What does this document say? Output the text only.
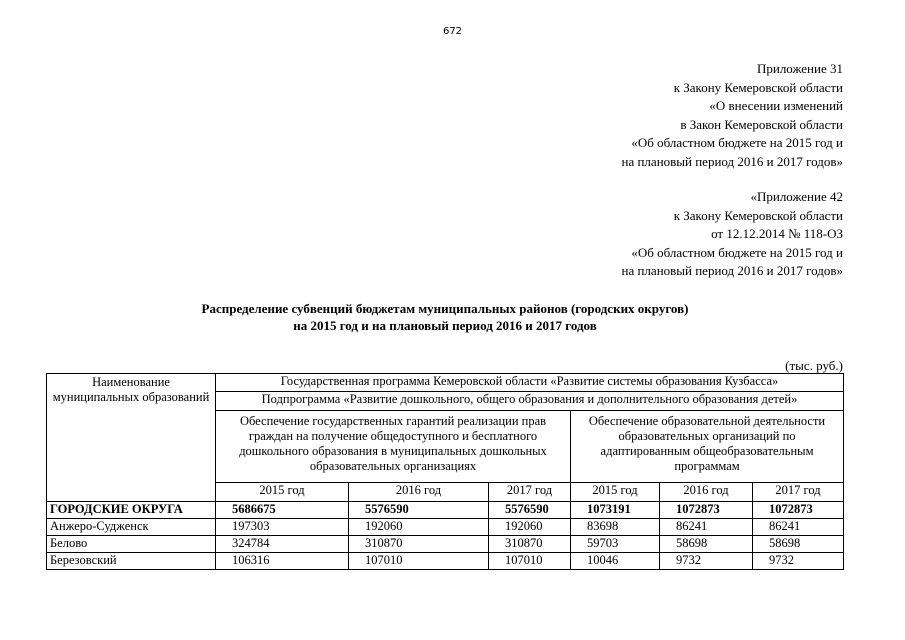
672
Приложение 31
к Закону Кемеровской области
«О внесении изменений
в Закон Кемеровской области
«Об областном бюджете на 2015 год и
на плановый период 2016 и 2017 годов»
«Приложение 42
к Закону Кемеровской области
от 12.12.2014 № 118-ОЗ
«Об областном бюджете на 2015 год и
на плановый период 2016 и 2017 годов»
Распределение субвенций бюджетам муниципальных районов (городских округов)
на 2015 год и на плановый период 2016 и 2017 годов
(тыс. руб.)
Наименование муниципальных образований	Государственная программа Кемеровской области «Развитие системы образования Кузбасса»					
	Подпрограмма «Развитие дошкольного, общего образования и дополнительного образования детей»					
	Обеспечение государственных гарантий реализации прав граждан на получение общедоступного и бесплатного дошкольного образования в муниципальных дошкольных образовательных организациях			Обеспечение образовательной деятельности образовательных организаций по адаптированным общеобразовательным программам		
	2015 год	2016 год	2017 год	2015 год	2016 год	2017 год
ГОРОДСКИЕ ОКРУГА	5686675	5576590	5576590	1073191	1072873	1072873
Анжеро-Судженск	197303	192060	192060	83698	86241	86241
Белово	324784	310870	310870	59703	58698	58698
Березовский	106316	107010	107010	10046	9732	9732
